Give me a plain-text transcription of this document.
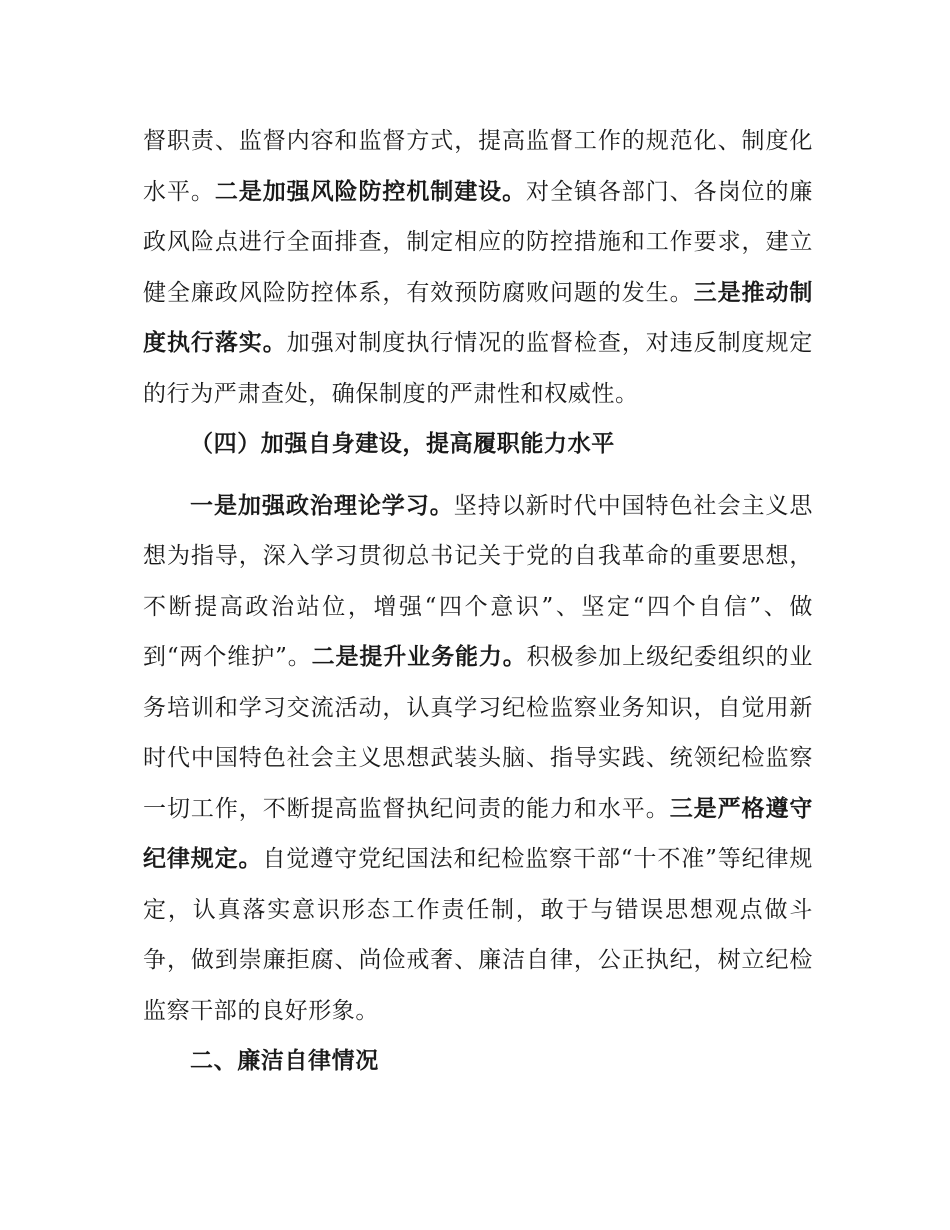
督职责、监督内容和监督方式，提高监督工作的规范化、制度化水平。二是加强风险防控机制建设。对全镇各部门、各岗位的廉政风险点进行全面排查，制定相应的防控措施和工作要求，建立健全廉政风险防控体系，有效预防腐败问题的发生。三是推动制度执行落实。加强对制度执行情况的监督检查，对违反制度规定的行为严肃查处，确保制度的严肃性和权威性。

（四）加强自身建设，提高履职能力水平

一是加强政治理论学习。坚持以新时代中国特色社会主义思想为指导，深入学习贯彻总书记关于党的自我革命的重要思想，不断提高政治站位，增强“四个意识”、坚定“四个自信”、做到“两个维护”。二是提升业务能力。积极参加上级纪委组织的业务培训和学习交流活动，认真学习纪检监察业务知识，自觉用新时代中国特色社会主义思想武装头脑、指导实践、统领纪检监察一切工作，不断提高监督执纪问责的能力和水平。三是严格遵守纪律规定。自觉遵守党纪国法和纪检监察干部“十不准”等纪律规定，认真落实意识形态工作责任制，敢于与错误思想观点做斗争，做到崇廉拒腐、尚俭戒奢、廉洁自律，公正执纪，树立纪检监察干部的良好形象。

二、廉洁自律情况
